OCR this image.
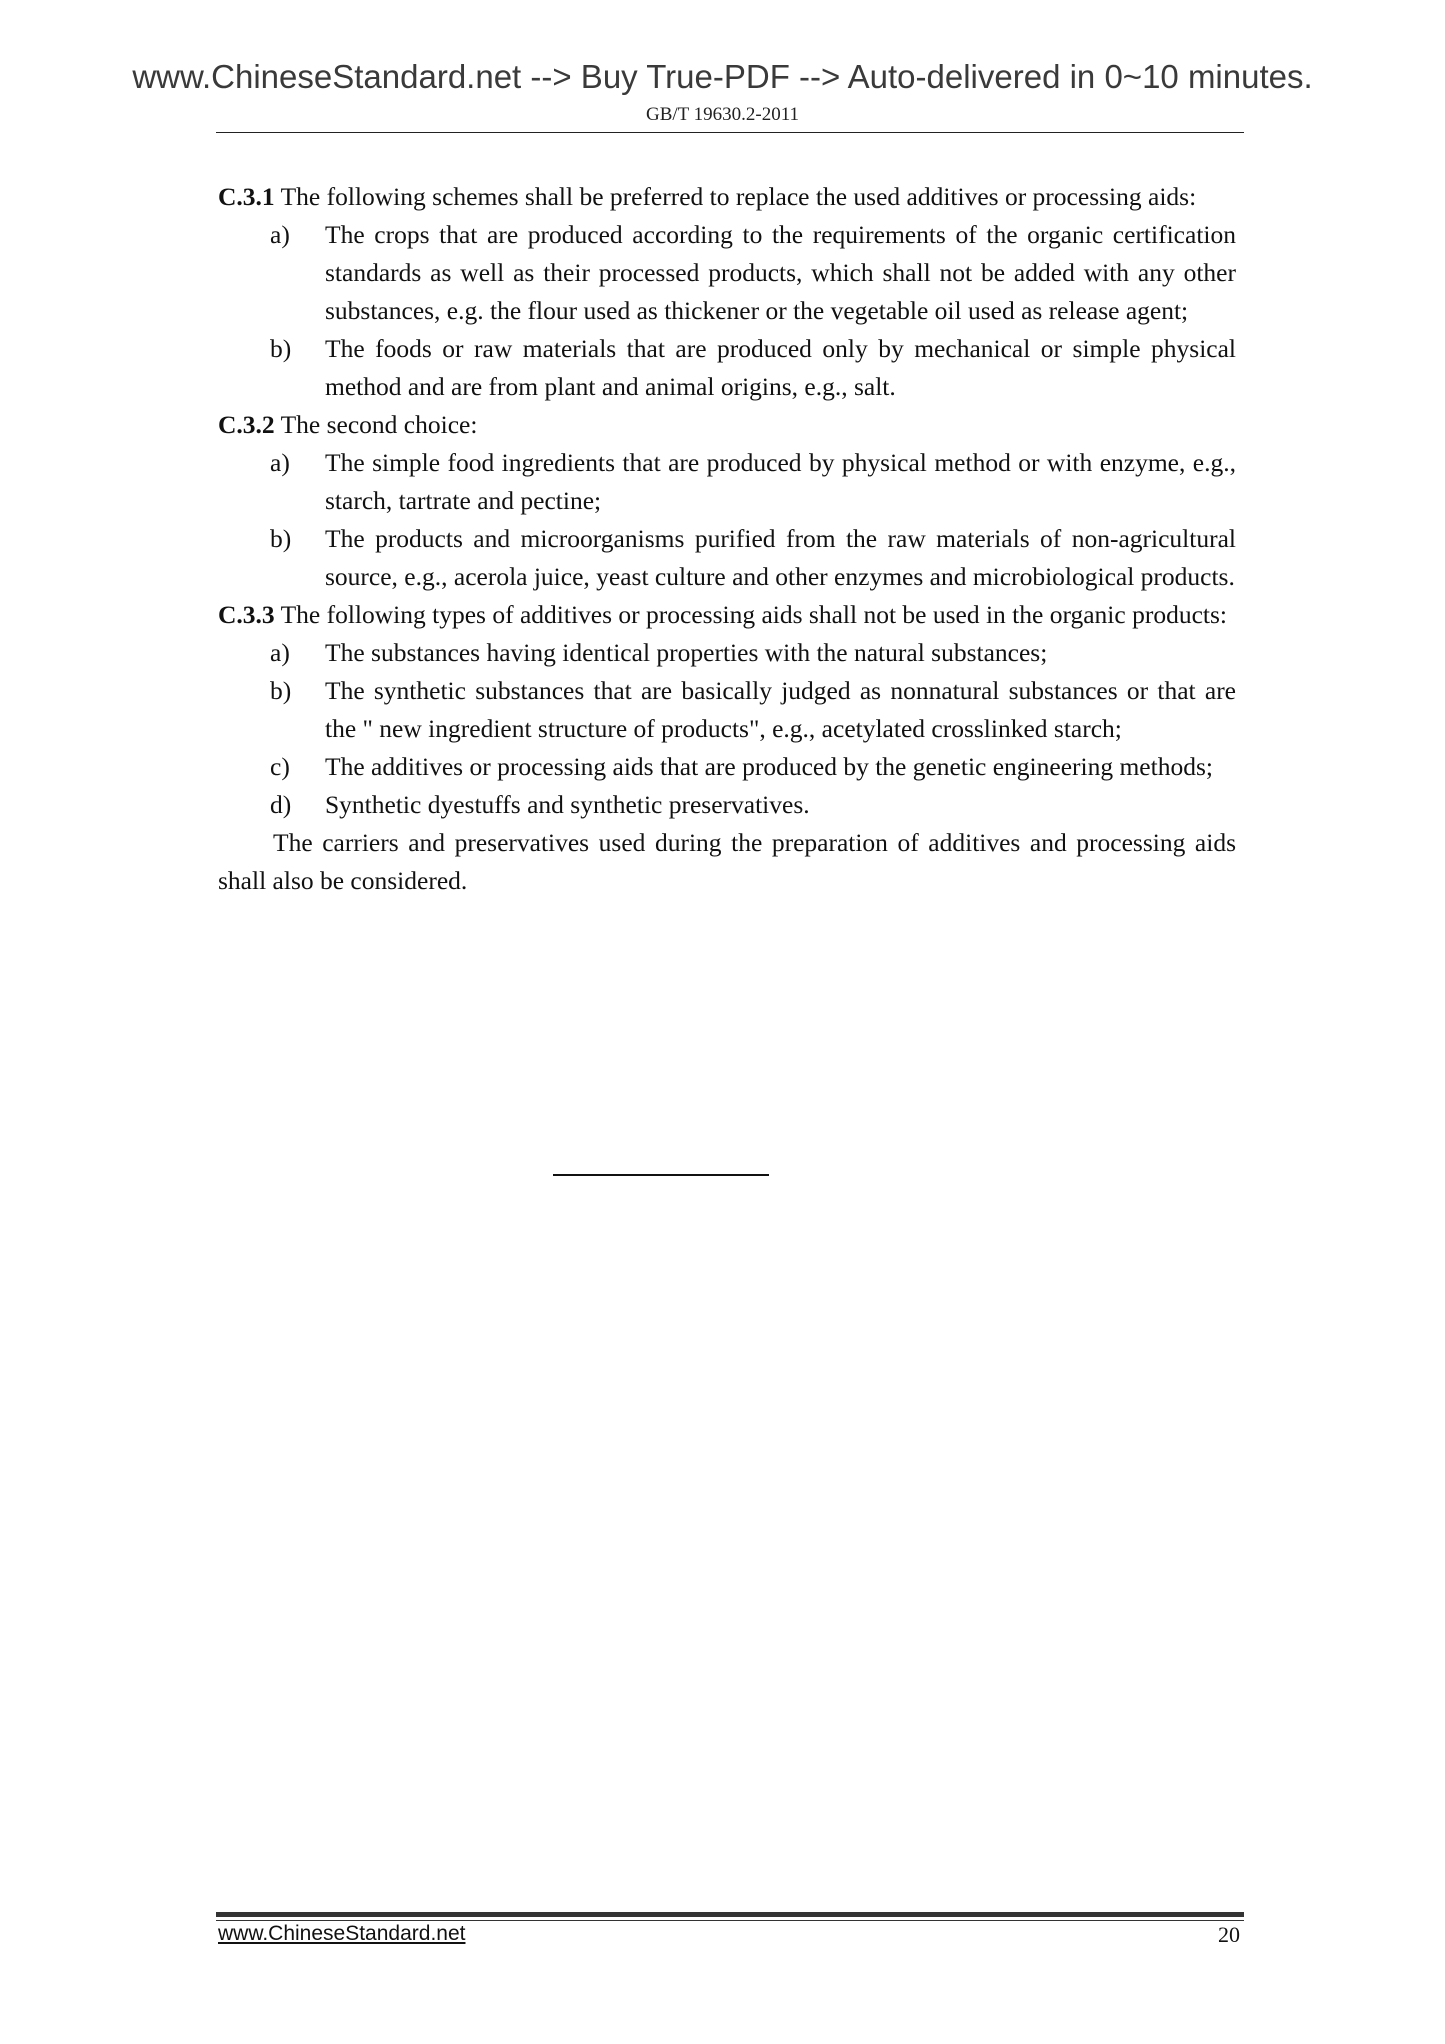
www.ChineseStandard.net --> Buy True-PDF --> Auto-delivered in 0~10 minutes.
GB/T 19630.2-2011

C.3.1 The following schemes shall be preferred to replace the used additives or processing aids:

a) The crops that are produced according to the requirements of the organic certification standards as well as their processed products, which shall not be added with any other substances, e.g. the flour used as thickener or the vegetable oil used as release agent;

b) The foods or raw materials that are produced only by mechanical or simple physical method and are from plant and animal origins, e.g., salt.

C.3.2 The second choice:

a) The simple food ingredients that are produced by physical method or with enzyme, e.g., starch, tartrate and pectine;

b) The products and microorganisms purified from the raw materials of non-agricultural source, e.g., acerola juice, yeast culture and other enzymes and microbiological products.

C.3.3 The following types of additives or processing aids shall not be used in the organic products:

a) The substances having identical properties with the natural substances;

b) The synthetic substances that are basically judged as nonnatural substances or that are the " new ingredient structure of products", e.g., acetylated crosslinked starch;

c) The additives or processing aids that are produced by the genetic engineering methods;

d) Synthetic dyestuffs and synthetic preservatives.

The carriers and preservatives used during the preparation of additives and processing aids shall also be considered.

www.ChineseStandard.net	20
